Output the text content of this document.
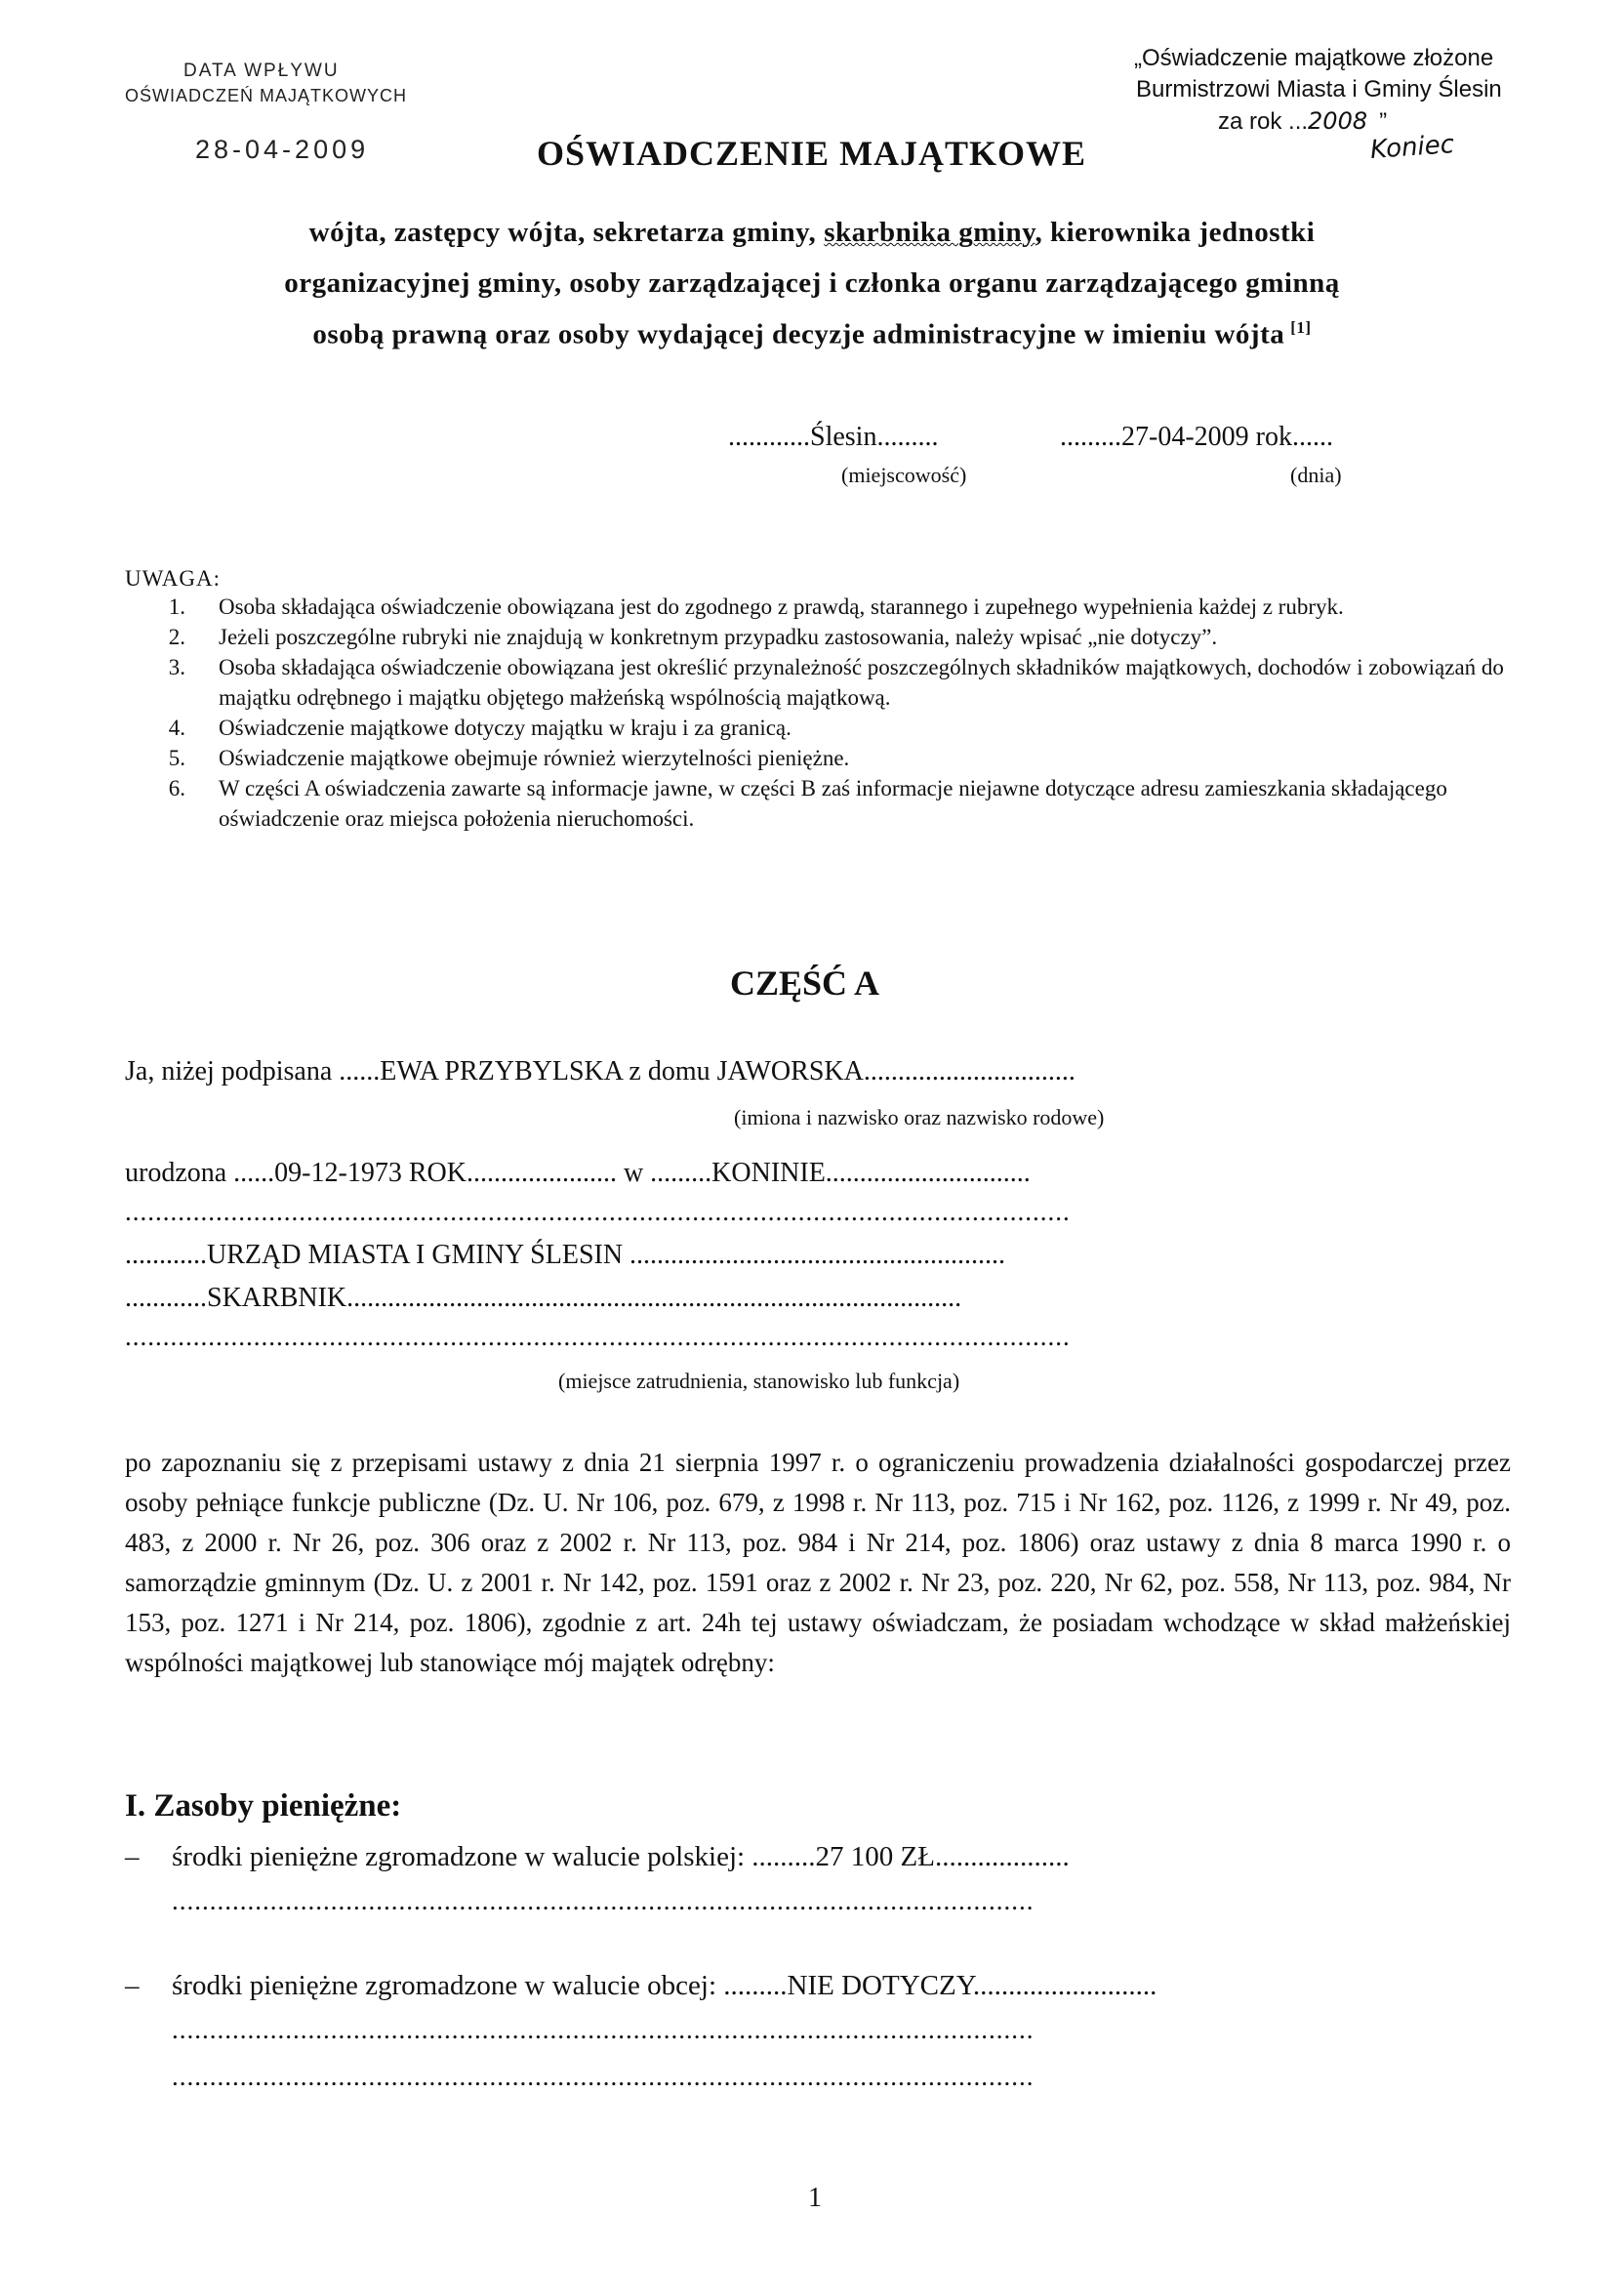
DATA WPŁYWU
OŚWIADCZEŃ MAJĄTKOWYCH
28-04-2009
„Oświadczenie majątkowe złożone
Burmistrzowi Miasta i Gminy Ślesin
za rok ...2008 ”
Koniec
OŚWIADCZENIE MAJĄTKOWE
wójta, zastępcy wójta, sekretarza gminy, skarbnika gminy, kierownika jednostki
organizacyjnej gminy, osoby zarządzającej i członka organu zarządzającego gminną
osobą prawną oraz osoby wydającej decyzje administracyjne w imieniu wójta [1]
............Ślesin.........	.........27-04-2009 rok......
(miejscowość)	(dnia)
UWAGA:
1. Osoba składająca oświadczenie obowiązana jest do zgodnego z prawdą, starannego i zupełnego wypełnienia każdej z rubryk.
2. Jeżeli poszczególne rubryki nie znajdują w konkretnym przypadku zastosowania, należy wpisać „nie dotyczy”.
3. Osoba składająca oświadczenie obowiązana jest określić przynależność poszczególnych składników majątkowych, dochodów i zobowiązań do majątku odrębnego i majątku objętego małżeńską wspólnością majątkową.
4. Oświadczenie majątkowe dotyczy majątku w kraju i za granicą.
5. Oświadczenie majątkowe obejmuje również wierzytelności pieniężne.
6. W części A oświadczenia zawarte są informacje jawne, w części B zaś informacje niejawne dotyczące adresu zamieszkania składającego oświadczenie oraz miejsca położenia nieruchomości.
CZĘŚĆ A
Ja, niżej podpisana ......EWA PRZYBYLSKA z domu JAWORSKA...............................
(imiona i nazwisko oraz nazwisko rodowe)
urodzona ......09-12-1973 ROK...................... w .........KONINIE..............................
.............................................................................................................................
............URZĄD MIASTA I GMINY ŚLESIN .......................................................
............SKARBNIK..........................................................................................
.............................................................................................................................
(miejsce zatrudnienia, stanowisko lub funkcja)
po zapoznaniu się z przepisami ustawy z dnia 21 sierpnia 1997 r. o ograniczeniu prowadzenia działalności gospodarczej przez osoby pełniące funkcje publiczne (Dz. U. Nr 106, poz. 679, z 1998 r. Nr 113, poz. 715 i Nr 162, poz. 1126, z 1999 r. Nr 49, poz. 483, z 2000 r. Nr 26, poz. 306 oraz z 2002 r. Nr 113, poz. 984 i Nr 214, poz. 1806) oraz ustawy z dnia 8 marca 1990 r. o samorządzie gminnym (Dz. U. z 2001 r. Nr 142, poz. 1591 oraz z 2002 r. Nr 23, poz. 220, Nr 62, poz. 558, Nr 113, poz. 984, Nr 153, poz. 1271 i Nr 214, poz. 1806), zgodnie z art. 24h tej ustawy oświadczam, że posiadam wchodzące w skład małżeńskiej wspólności majątkowej lub stanowiące mój majątek odrębny:
I. Zasoby pieniężne:
– środki pieniężne zgromadzone w walucie polskiej: .........27 100 ZŁ...................
..................................................................................................................
– środki pieniężne zgromadzone w walucie obcej: .........NIE DOTYCZY..........................
..................................................................................................................
..................................................................................................................
1
